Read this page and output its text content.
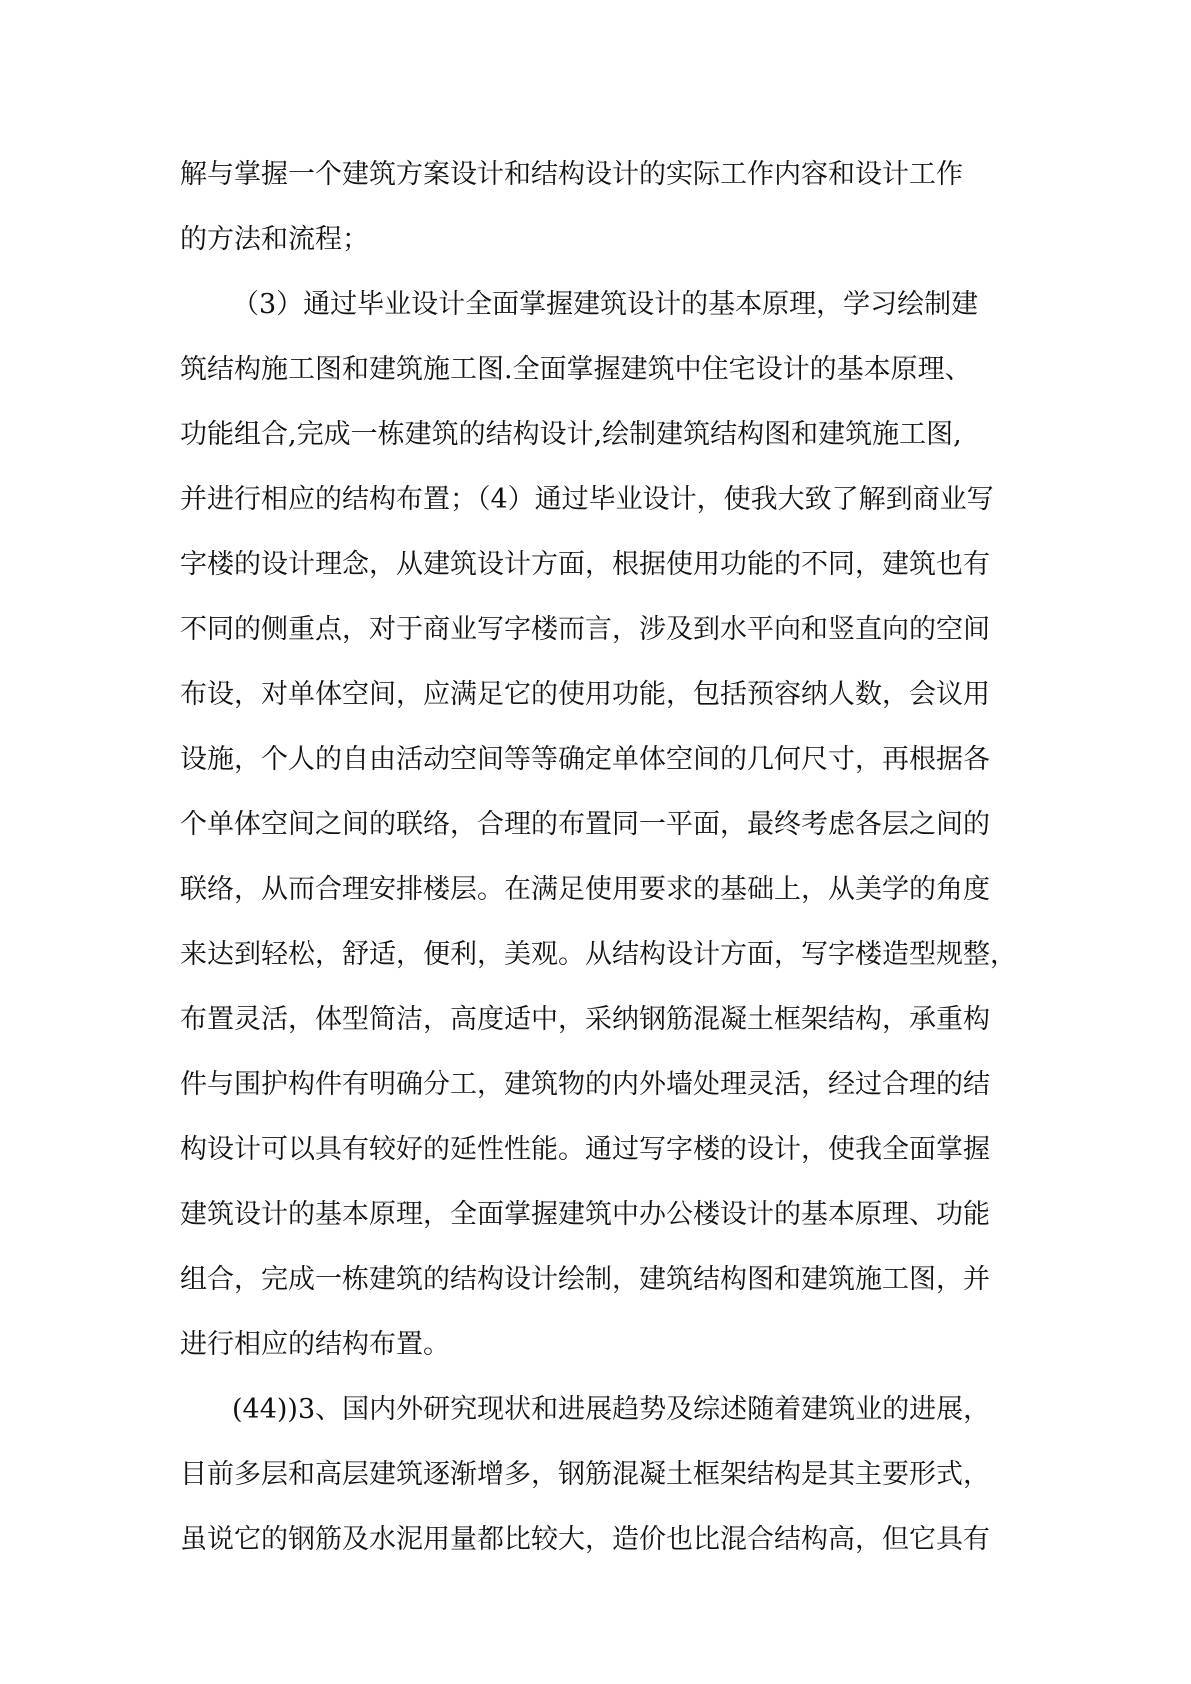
解与掌握一个建筑方案设计和结构设计的实际工作内容和设计工作
的方法和流程；
（3）通过毕业设计全面掌握建筑设计的基本原理，学习绘制建
筑结构施工图和建筑施工图.全面掌握建筑中住宅设计的基本原理、
功能组合,完成一栋建筑的结构设计,绘制建筑结构图和建筑施工图,
并进行相应的结构布置；（4）通过毕业设计，使我大致了解到商业写
字楼的设计理念，从建筑设计方面，根据使用功能的不同，建筑也有
不同的侧重点，对于商业写字楼而言，涉及到水平向和竖直向的空间
布设，对单体空间，应满足它的使用功能，包括预容纳人数，会议用
设施，个人的自由活动空间等等确定单体空间的几何尺寸，再根据各
个单体空间之间的联络，合理的布置同一平面，最终考虑各层之间的
联络，从而合理安排楼层。在满足使用要求的基础上，从美学的角度
来达到轻松，舒适，便利，美观。从结构设计方面，写字楼造型规整，
布置灵活，体型简洁，高度适中，采纳钢筋混凝土框架结构，承重构
件与围护构件有明确分工，建筑物的内外墙处理灵活，经过合理的结
构设计可以具有较好的延性性能。通过写字楼的设计，使我全面掌握
建筑设计的基本原理，全面掌握建筑中办公楼设计的基本原理、功能
组合，完成一栋建筑的结构设计绘制，建筑结构图和建筑施工图，并
进行相应的结构布置。
(44))3、国内外研究现状和进展趋势及综述随着建筑业的进展，
目前多层和高层建筑逐渐增多，钢筋混凝土框架结构是其主要形式，
虽说它的钢筋及水泥用量都比较大，造价也比混合结构高，但它具有
